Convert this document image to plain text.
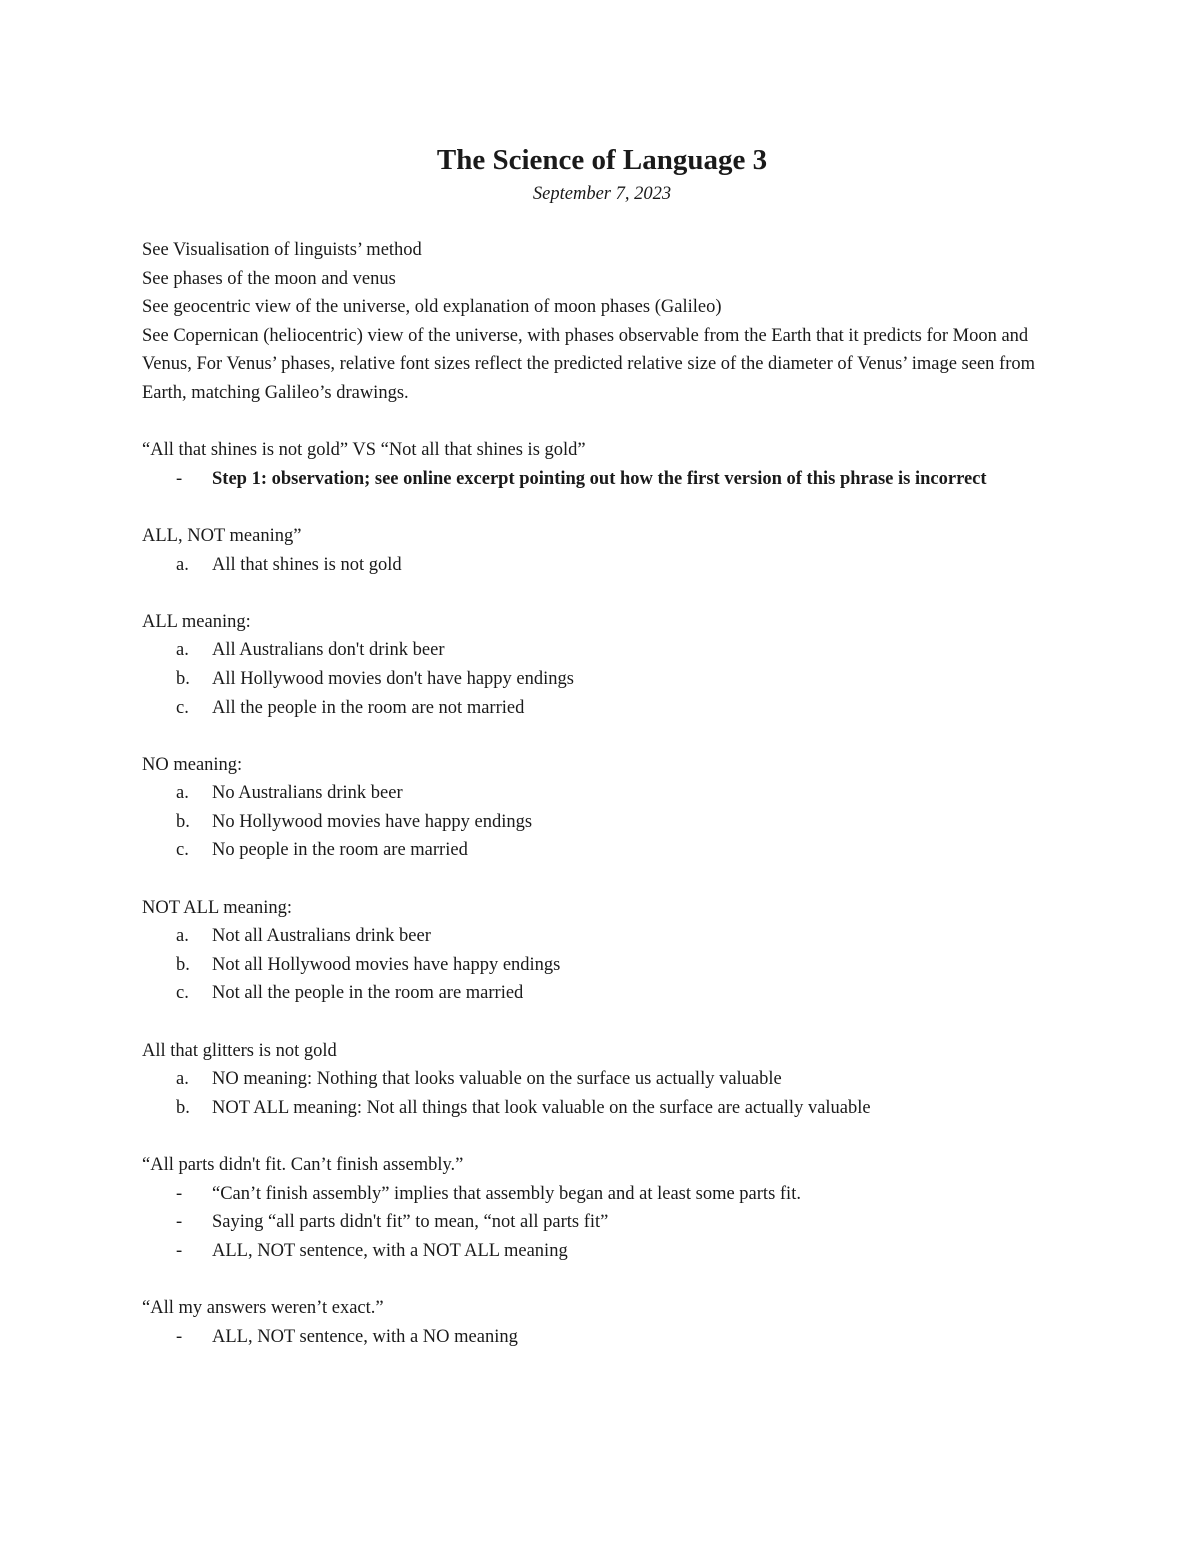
The Science of Language 3

September 7, 2023

See Visualisation of linguists’ method

See phases of the moon and venus

See geocentric view of the universe, old explanation of moon phases (Galileo)

See Copernican (heliocentric) view of the universe, with phases observable from the Earth that it predicts for Moon and Venus, For Venus’ phases, relative font sizes reflect the predicted relative size of the diameter of Venus’ image seen from Earth, matching Galileo’s drawings.

“All that shines is not gold” VS “Not all that shines is gold”

- Step 1: observation; see online excerpt pointing out how the first version of this phrase is incorrect

ALL, NOT meaning”

a. All that shines is not gold

ALL meaning:

a. All Australians don't drink beer
b. All Hollywood movies don't have happy endings
c. All the people in the room are not married

NO meaning:

a. No Australians drink beer
b. No Hollywood movies have happy endings
c. No people in the room are married

NOT ALL meaning:

a. Not all Australians drink beer
b. Not all Hollywood movies have happy endings
c. Not all the people in the room are married

All that glitters is not gold

a. NO meaning: Nothing that looks valuable on the surface us actually valuable
b. NOT ALL meaning: Not all things that look valuable on the surface are actually valuable

“All parts didn't fit. Can’t finish assembly.”

- “Can’t finish assembly” implies that assembly began and at least some parts fit.
- Saying “all parts didn't fit” to mean, “not all parts fit”
- ALL, NOT sentence, with a NOT ALL meaning

“All my answers weren’t exact.”

- ALL, NOT sentence, with a NO meaning
